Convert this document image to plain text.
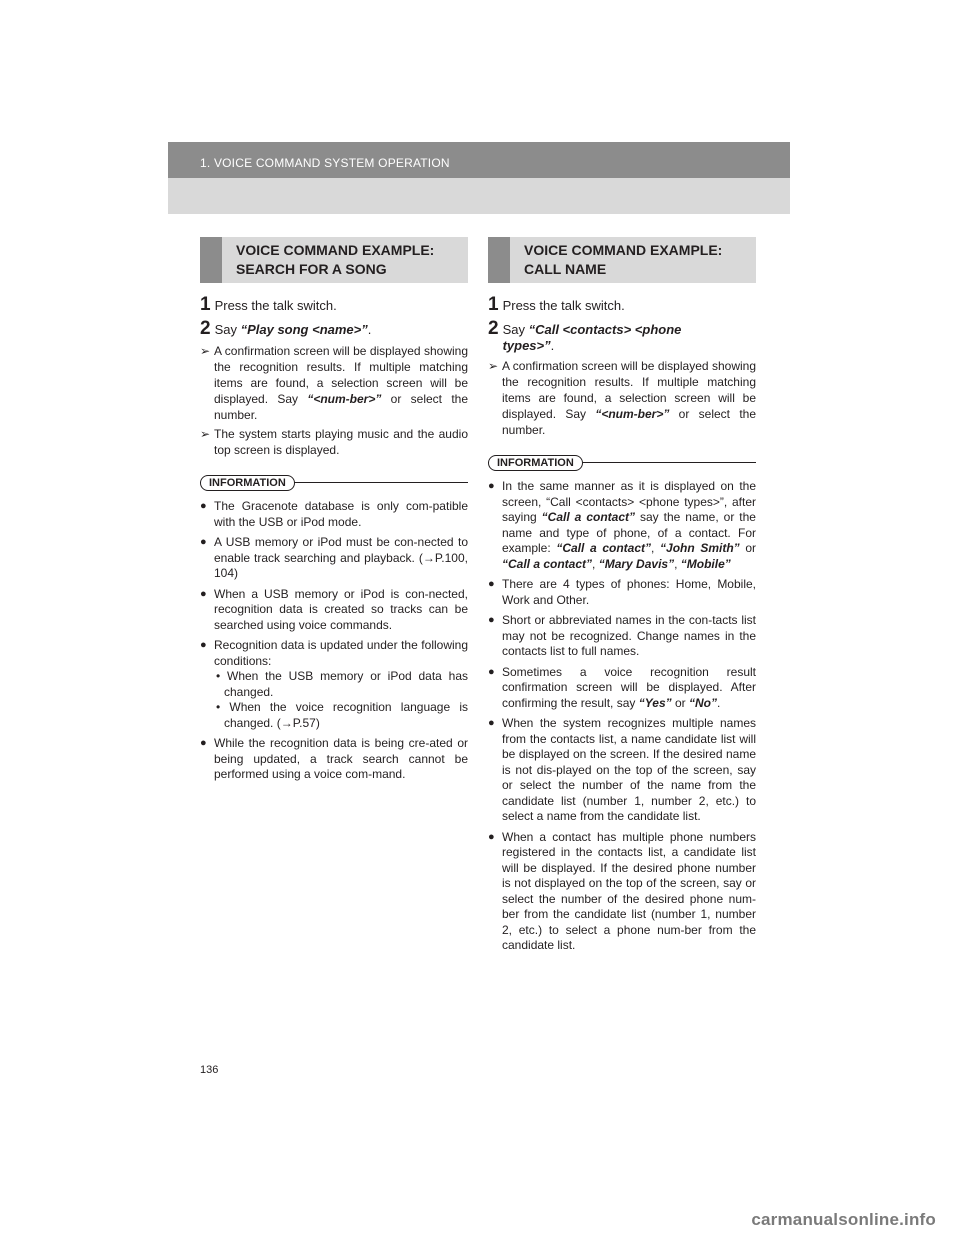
1. VOICE COMMAND SYSTEM OPERATION
VOICE COMMAND EXAMPLE:
SEARCH FOR A SONG
1 Press the talk switch.
2 Say “Play song <name>”.
➢ A confirmation screen will be displayed showing the recognition results. If multiple matching items are found, a selection screen will be displayed. Say “<num-ber>” or select the number.
➢ The system starts playing music and the audio top screen is displayed.
INFORMATION
● The Gracenote database is only com-patible with the USB or iPod mode.
● A USB memory or iPod must be con-nected to enable track searching and playback. (→P.100, 104)
● When a USB memory or iPod is con-nected, recognition data is created so tracks can be searched using voice commands.
● Recognition data is updated under the following conditions:
• When the USB memory or iPod data has changed.
• When the voice recognition language is changed. (→P.57)
● While the recognition data is being cre-ated or being updated, a track search cannot be performed using a voice com-mand.
VOICE COMMAND EXAMPLE:
CALL NAME
1 Press the talk switch.
2 Say “Call <contacts> <phone
types>”.
➢ A confirmation screen will be displayed showing the recognition results. If multiple matching items are found, a selection screen will be displayed. Say “<num-ber>” or select the number.
INFORMATION
● In the same manner as it is displayed on the screen, “Call <contacts> <phone types>”, after saying “Call a contact” say the name, or the name and type of phone, of a contact. For example: “Call a contact”, “John Smith” or “Call a contact”, “Mary Davis”, “Mobile”
● There are 4 types of phones: Home, Mobile, Work and Other.
● Short or abbreviated names in the con-tacts list may not be recognized. Change names in the contacts list to full names.
● Sometimes a voice recognition result confirmation screen will be displayed. After confirming the result, say “Yes” or “No”.
● When the system recognizes multiple names from the contacts list, a name candidate list will be displayed on the screen. If the desired name is not dis-played on the top of the screen, say or select the number of the name from the candidate list (number 1, number 2, etc.) to select a name from the candidate list.
● When a contact has multiple phone numbers registered in the contacts list, a candidate list will be displayed. If the desired phone number is not displayed on the top of the screen, say or select the number of the desired phone num-ber from the candidate list (number 1, number 2, etc.) to select a phone num-ber from the candidate list.
136
carmanualsonline.info
